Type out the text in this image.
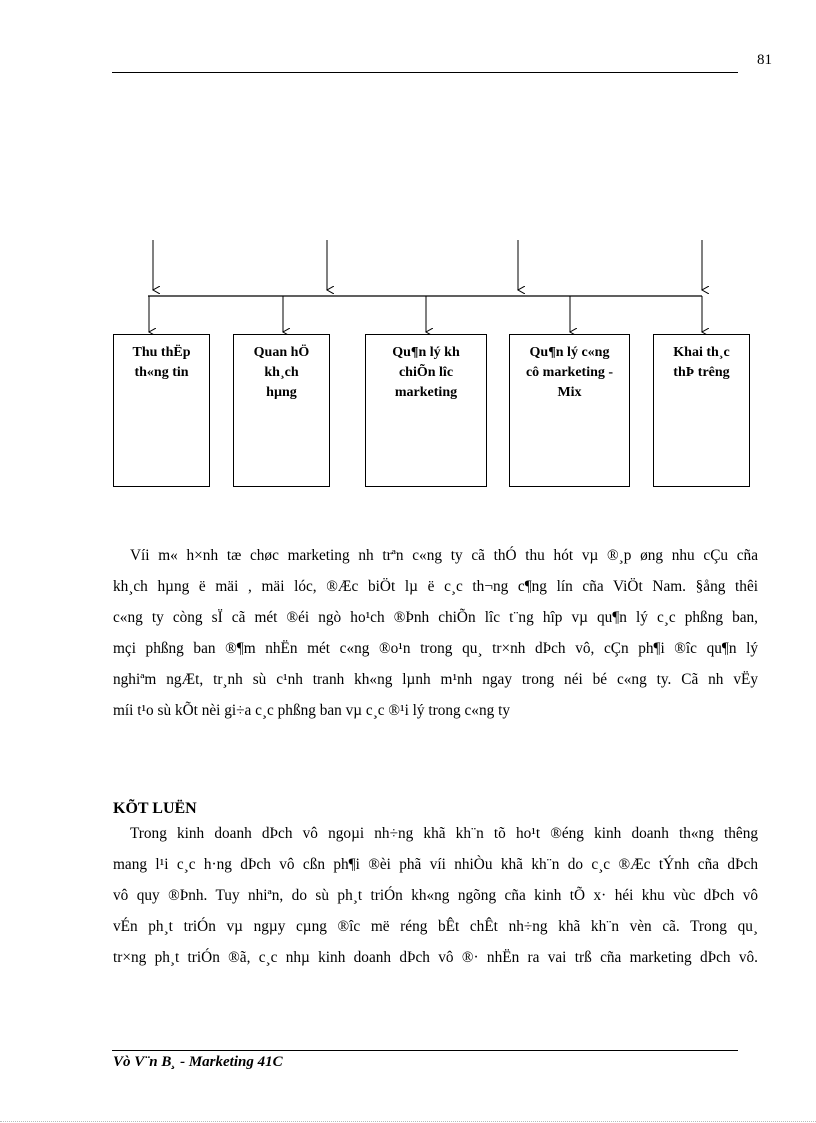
81
Thu thËp
th«ng tin
Quan hÖ
kh¸ch
hµng
Qu¶n lý kh
chiÕn lîc
marketing
Qu¶n lý c«ng
cô marketing -
Mix
Khai th¸c
thÞ trêng
Víi m« h×nh tæ chøc marketing nh trªn c«ng ty cã thÓ thu hót vµ ®¸p øng nhu cÇu cña
kh¸ch hµng ë mäi , mäi lóc, ®Æc biÖt lµ ë c¸c th¬ng c¶ng lín cña ViÖt Nam. §ång thêi
c«ng ty còng sÏ cã mét ®éi ngò ho¹ch ®Þnh chiÕn lîc t¨ng hîp vµ qu¶n lý c¸c phßng ban,
mçi phßng ban ®¶m nhËn mét c«ng ®o¹n trong qu¸ tr×nh dÞch vô, cÇn ph¶i ®îc qu¶n lý
nghiªm ngÆt, tr¸nh sù c¹nh tranh kh«ng lµnh m¹nh ngay trong néi bé c«ng ty. Cã nh vËy
míi t¹o sù kÕt nèi gi÷a c¸c phßng ban vµ c¸c ®¹i lý trong c«ng ty
KÕT LUËN
Trong kinh doanh dÞch vô ngoµi nh÷ng khã kh¨n tõ ho¹t ®éng kinh doanh th«ng thêng
mang l¹i c¸c h·ng dÞch vô cßn ph¶i ®èi phã víi nhiÒu khã kh¨n do c¸c ®Æc tÝnh cña dÞch
vô quy ®Þnh. Tuy nhiªn, do sù ph¸t triÓn kh«ng ngõng cña kinh tÕ x· héi khu vùc dÞch vô
vÉn ph¸t triÓn vµ ngµy cµng ®îc më réng bÊt chÊt nh÷ng khã kh¨n vèn cã. Trong qu¸
tr×ng ph¸t triÓn ®ã, c¸c nhµ kinh doanh dÞch vô ®· nhËn ra vai trß cña marketing dÞch vô.
Vò V¨n B¸ - Marketing 41C
